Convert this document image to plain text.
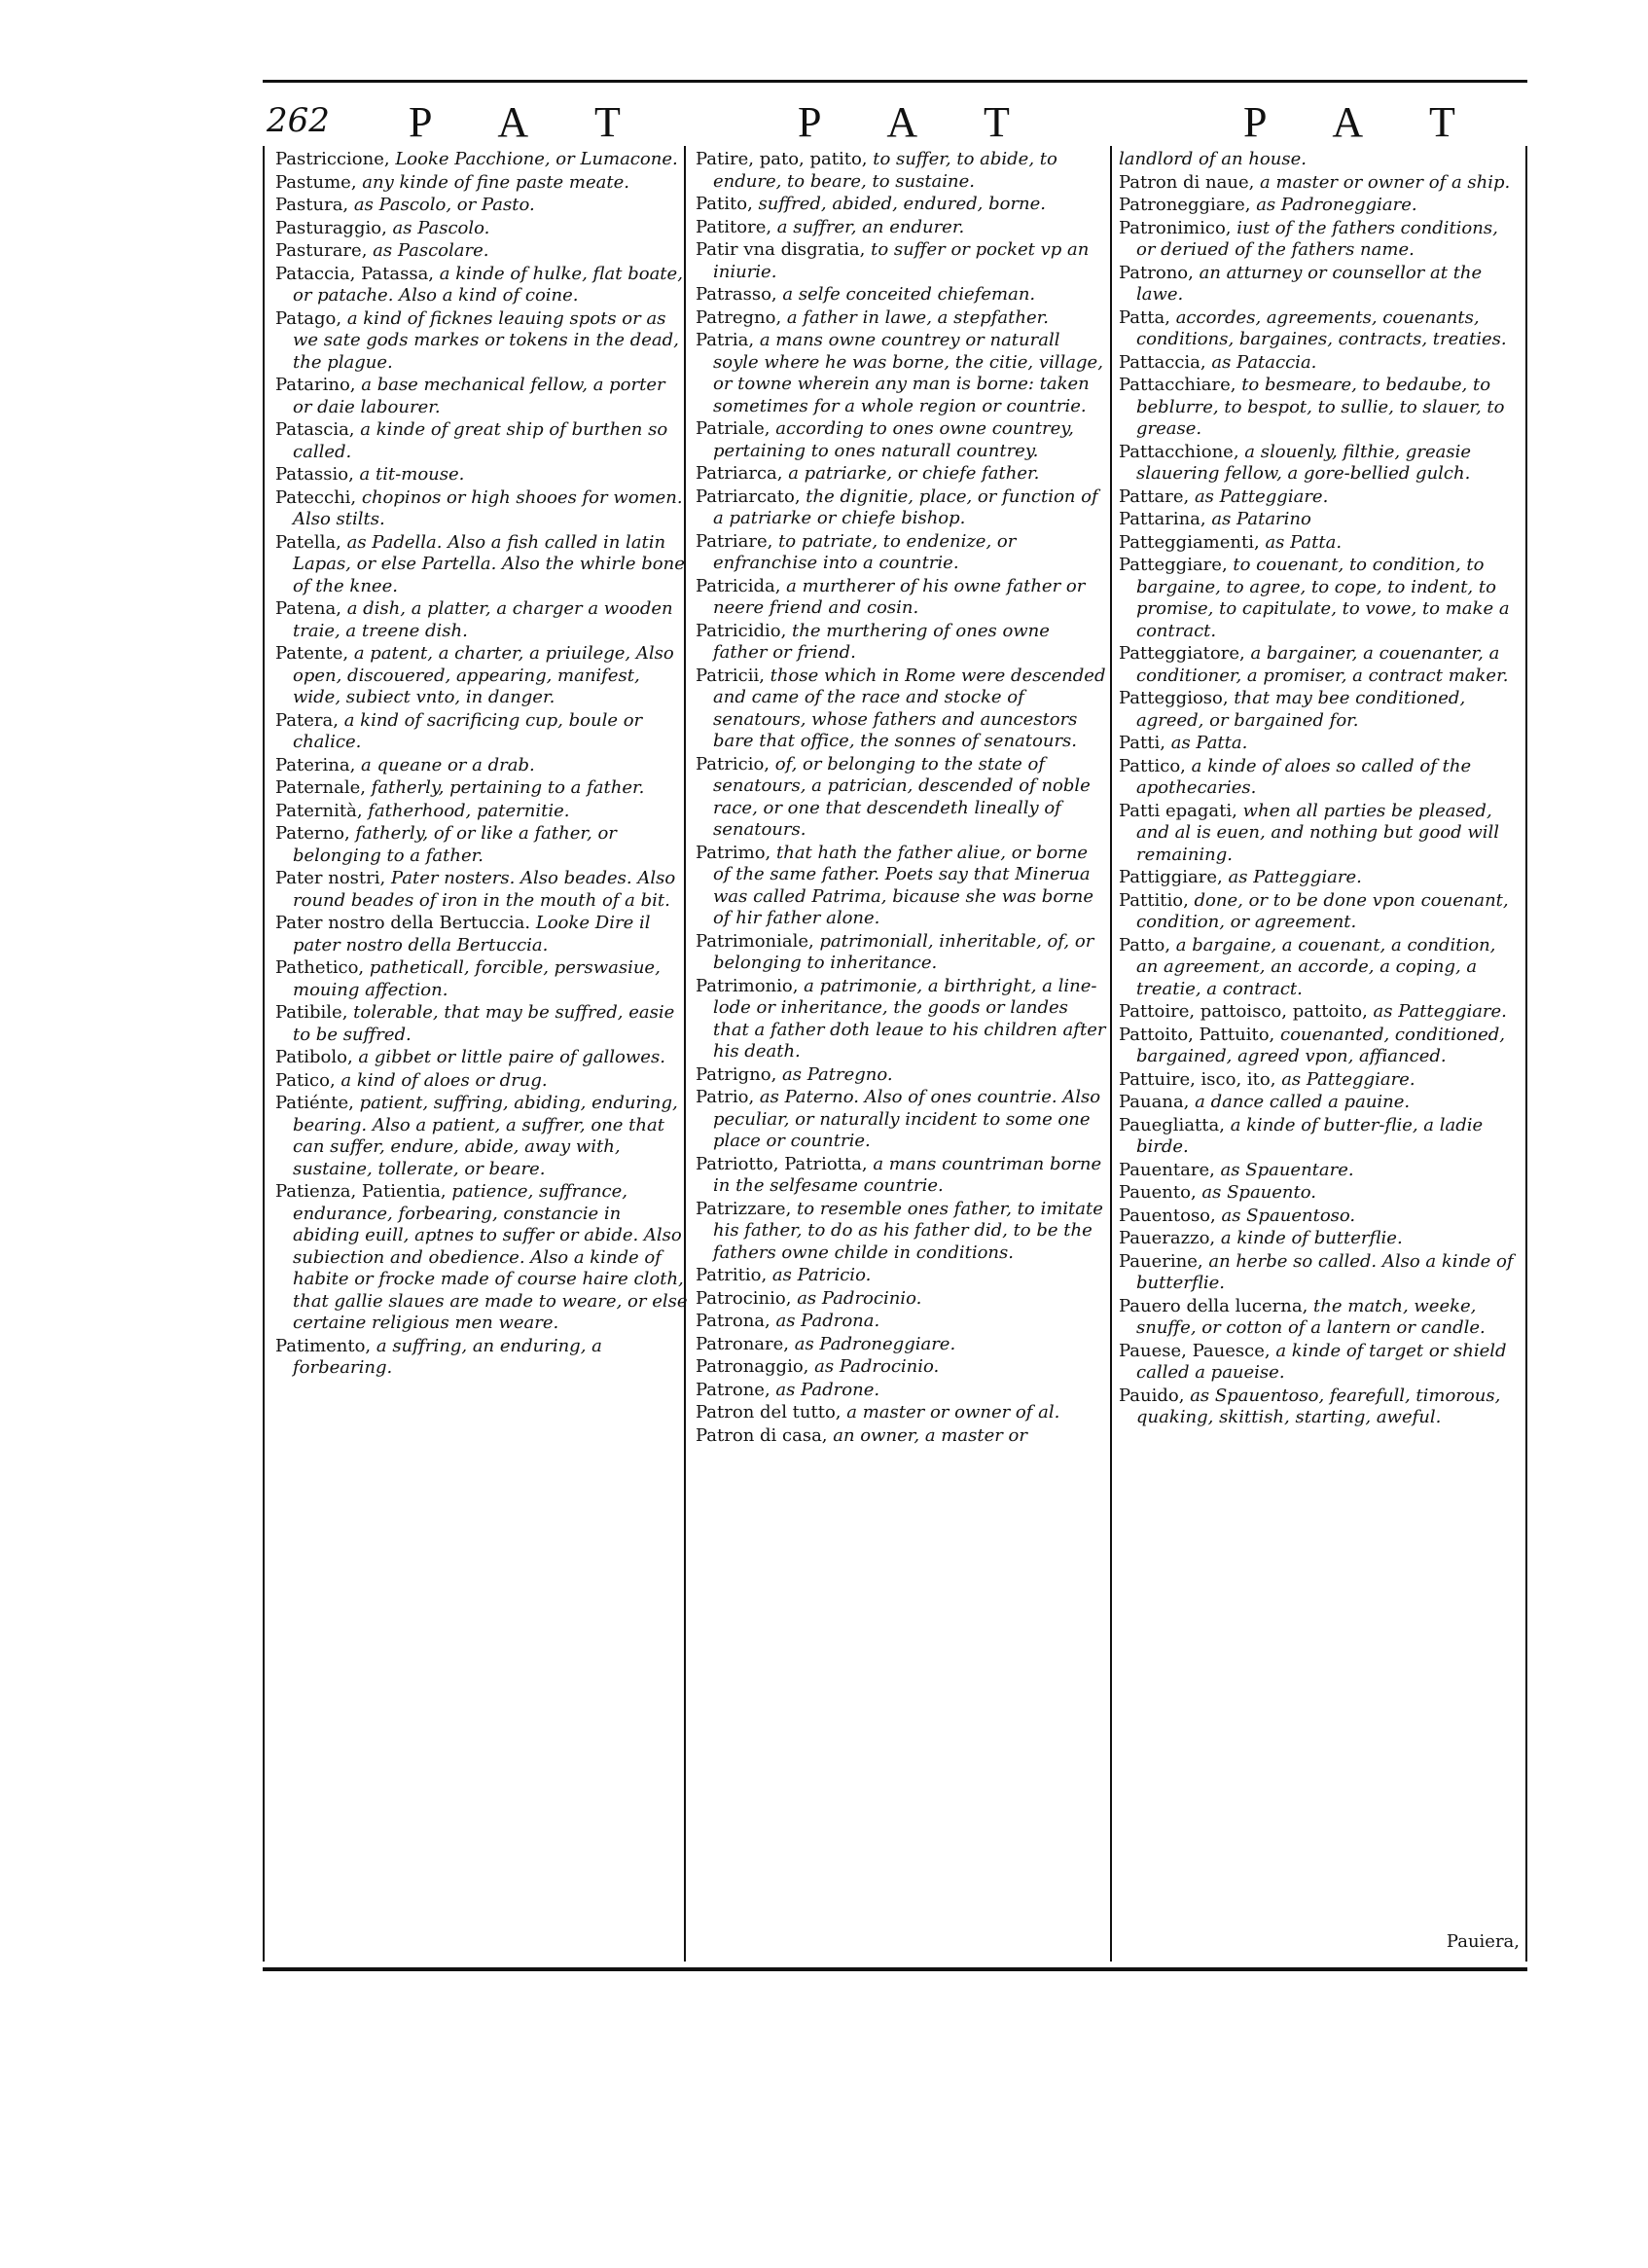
262 P A T	P A T	P A T
Pastriccione, Looke Pacchione, or Lumacone.
Pastume, any kinde of fine paste meate.
Pastura, as Pascolo, or Pasto.
Pasturaggio, as Pascolo.
Pasturare, as Pascolare.
Pataccia, Patassa, a kinde of hulke, flat boate, or patache. Also a kind of coine.
Patago, a kind of ficknes leauing spots or as we sate gods markes or tokens in the dead, the plague.
Patarino, a base mechanical fellow, a porter or daie labourer.
Patascia, a kinde of great ship of burthen so called.
Patassio, a tit-mouse.
Patecchi, chopinos or high shooes for women. Also stilts.
Patella, as Padella. Also a fish called in latin Lapas, or else Partella. Also the whirle bone of the knee.
Patena, a dish, a platter, a charger a wooden traie, a treene dish.
Patente, a patent, a charter, a priuilege, Also open, discouered, appearing, manifest, wide, subiect vnto, in danger.
Patera, a kind of sacrificing cup, boule or chalice.
Paterina, a queane or a drab.
Paternale, fatherly, pertaining to a father.
Paternità, fatherhood, paternitie.
Paterno, fatherly, of or like a father, or belonging to a father.
Pater nostri, Pater nosters. Also beades. Also round beades of iron in the mouth of a bit.
Pater nostro della Bertuccia. Looke Dire il pater nostro della Bertuccia.
Pathetico, patheticall, forcible, perswasiue, mouing affection.
Patibile, tolerable, that may be suffred, easie to be suffred.
Patibolo, a gibbet or little paire of gallowes.
Patico, a kind of aloes or drug.
Patiénte, patient, suffring, abiding, enduring, bearing. Also a patient, a suffrer, one that can suffer, endure, abide, away with, sustaine, tollerate, or beare.
Patienza, Patientia, patience, suffrance, endurance, forbearing, constancie in abiding euill, aptnes to suffer or abide. Also subiection and obedience. Also a kinde of habite or frocke made of course haire cloth, that gallie slaues are made to weare, or else certaine religious men weare.
Patimento, a suffring, an enduring, a forbearing.
Patire, pato, patito, to suffer, to abide, to endure, to beare, to sustaine.
Patito, suffred, abided, endured, borne.
Patitore, a suffrer, an endurer.
Patir vna disgratia, to suffer or pocket vp an iniurie.
Patrasso, a selfe conceited chiefeman.
Patregno, a father in lawe, a stepfather.
Patria, a mans owne countrey or naturall soyle where he was borne, the citie, village, or towne wherein any man is borne: taken sometimes for a whole region or countrie.
Patriale, according to ones owne countrey, pertaining to ones naturall countrey.
Patriarca, a patriarke, or chiefe father.
Patriarcato, the dignitie, place, or function of a patriarke or chiefe bishop.
Patriare, to patriate, to endenize, or enfranchise into a countrie.
Patricida, a murtherer of his owne father or neere friend and cosin.
Patricidio, the murthering of ones owne father or friend.
Patricii, those which in Rome were descended and came of the race and stocke of senatours, whose fathers and auncestors bare that office, the sonnes of senatours.
Patricio, of, or belonging to the state of senatours, a patrician, descended of noble race, or one that descendeth lineally of senatours.
Patrimo, that hath the father aliue, or borne of the same father. Poets say that Minerua was called Patrima, bicause she was borne of hir father alone.
Patrimoniale, patrimoniall, inheritable, of, or belonging to inheritance.
Patrimonio, a patrimonie, a birthright, a line-lode or inheritance, the goods or landes that a father doth leaue to his children after his death.
Patrigno, as Patregno.
Patrio, as Paterno. Also of ones countrie. Also peculiar, or naturally incident to some one place or countrie.
Patriotto, Patriotta, a mans countriman borne in the selfesame countrie.
Patrizzare, to resemble ones father, to imitate his father, to do as his father did, to be the fathers owne childe in conditions.
Patritio, as Patricio.
Patrocinio, as Padrocinio.
Patrona, as Padrona.
Patronare, as Padroneggiare.
Patronaggio, as Padrocinio.
Patrone, as Padrone.
Patron del tutto, a master or owner of al.
Patron di casa, an owner, a master or
landlord of an house.
Patron di naue, a master or owner of a ship.
Patroneggiare, as Padroneggiare.
Patronimico, iust of the fathers conditions, or deriued of the fathers name.
Patrono, an atturney or counsellor at the lawe.
Patta, accordes, agreements, couenants, conditions, bargaines, contracts, treaties.
Pattaccia, as Pataccia.
Pattacchiare, to besmeare, to bedaube, to beblurre, to bespot, to sullie, to slauer, to grease.
Pattacchione, a slouenly, filthie, greasie slauering fellow, a gore-bellied gulch.
Pattare, as Patteggiare.
Pattarina, as Patarino
Patteggiamenti, as Patta.
Patteggiare, to couenant, to condition, to bargaine, to agree, to cope, to indent, to promise, to capitulate, to vowe, to make a contract.
Patteggiatore, a bargainer, a couenanter, a conditioner, a promiser, a contract maker.
Patteggioso, that may bee conditioned, agreed, or bargained for.
Patti, as Patta.
Pattico, a kinde of aloes so called of the apothecaries.
Patti epagati, when all parties be pleased, and al is euen, and nothing but good will remaining.
Pattiggiare, as Patteggiare.
Pattitio, done, or to be done vpon couenant, condition, or agreement.
Patto, a bargaine, a couenant, a condition, an agreement, an accorde, a coping, a treatie, a contract.
Pattoire, pattoisco, pattoito, as Patteggiare.
Pattoito, Pattuito, couenanted, conditioned, bargained, agreed vpon, affianced.
Pattuire, isco, ito, as Patteggiare.
Pauana, a dance called a pauine.
Pauegliatta, a kinde of butter-flie, a ladie birde.
Pauentare, as Spauentare.
Pauento, as Spauento.
Pauentoso, as Spauentoso.
Pauerazzo, a kinde of butterflie.
Pauerine, an herbe so called. Also a kinde of butterflie.
Pauero della lucerna, the match, weeke, snuffe, or cotton of a lantern or candle.
Pauese, Pauesce, a kinde of target or shield called a paueise.
Pauido, as Spauentoso, fearefull, timorous, quaking, skittish, starting, aweful.
Pauiera,
